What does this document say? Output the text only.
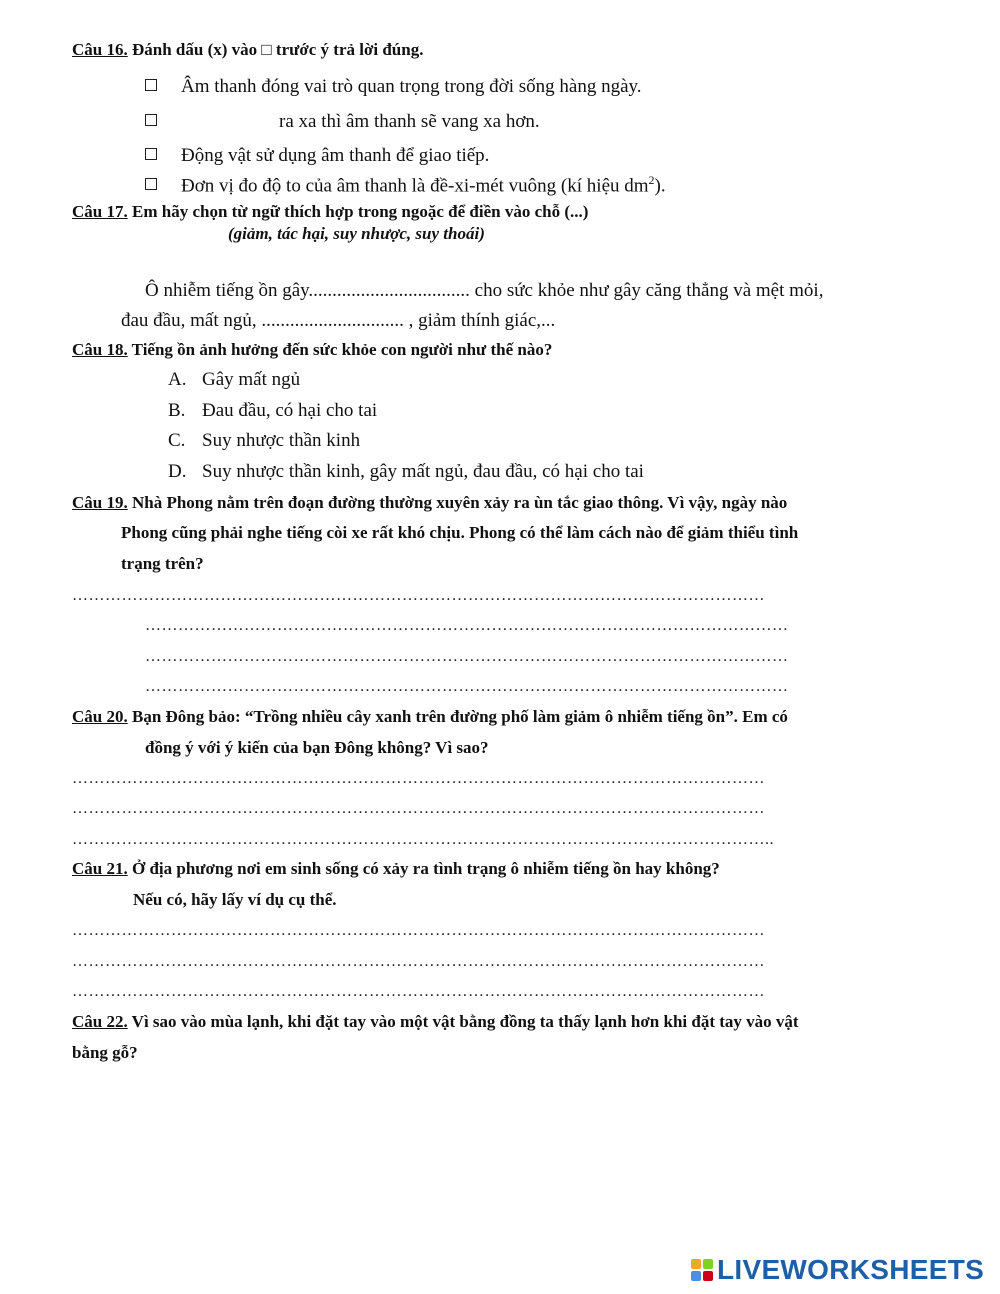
Câu 16. Đánh dấu (x) vào □ trước ý trả lời đúng.
Âm thanh đóng vai trò quan trọng trong đời sống hàng ngày.
ra xa thì âm thanh sẽ vang xa hơn.
Động vật sử dụng âm thanh để giao tiếp.
Đơn vị đo độ to của âm thanh là đề-xi-mét vuông (kí hiệu $dm^2$).
Câu 17. Em hãy chọn từ ngữ thích hợp trong ngoặc để điền vào chỗ (...)
(giảm, tác hại, suy nhược, suy thoái)
Ô nhiễm tiếng ồn gây.................................. cho sức khỏe như gây căng thẳng và mệt mỏi,
đau đầu, mất ngủ, .............................. , giảm thính giác,...
Câu 18. Tiếng ồn ảnh hưởng đến sức khỏe con người như thế nào?
A. Gây mất ngủ
B. Đau đầu, có hại cho tai
C. Suy nhược thần kinh
D. Suy nhược thần kinh, gây mất ngủ, đau đầu, có hại cho tai
Câu 19. Nhà Phong nằm trên đoạn đường thường xuyên xảy ra ùn tắc giao thông. Vì vậy, ngày nào
Phong cũng phải nghe tiếng còi xe rất khó chịu. Phong có thể làm cách nào để giảm thiểu tình
trạng trên?
………………………………………………………………………………………………………………
………………………………………………………………………………………………………
………………………………………………………………………………………………………
………………………………………………………………………………………………………
Câu 20. Bạn Đông bảo: “Trồng nhiều cây xanh trên đường phố làm giảm ô nhiễm tiếng ồn”. Em có
đồng ý với ý kiến của bạn Đông không? Vì sao?
………………………………………………………………………………………………………………
………………………………………………………………………………………………………………
………………………………………………………………………………………………………………..
Câu 21. Ở địa phương nơi em sinh sống có xảy ra tình trạng ô nhiễm tiếng ồn hay không?
Nếu có, hãy lấy ví dụ cụ thể.
………………………………………………………………………………………………………………
………………………………………………………………………………………………………………
………………………………………………………………………………………………………………
Câu 22. Vì sao vào mùa lạnh, khi đặt tay vào một vật bằng đồng ta thấy lạnh hơn khi đặt tay vào vật
bằng gỗ?
LIVEWORKSHEETS
